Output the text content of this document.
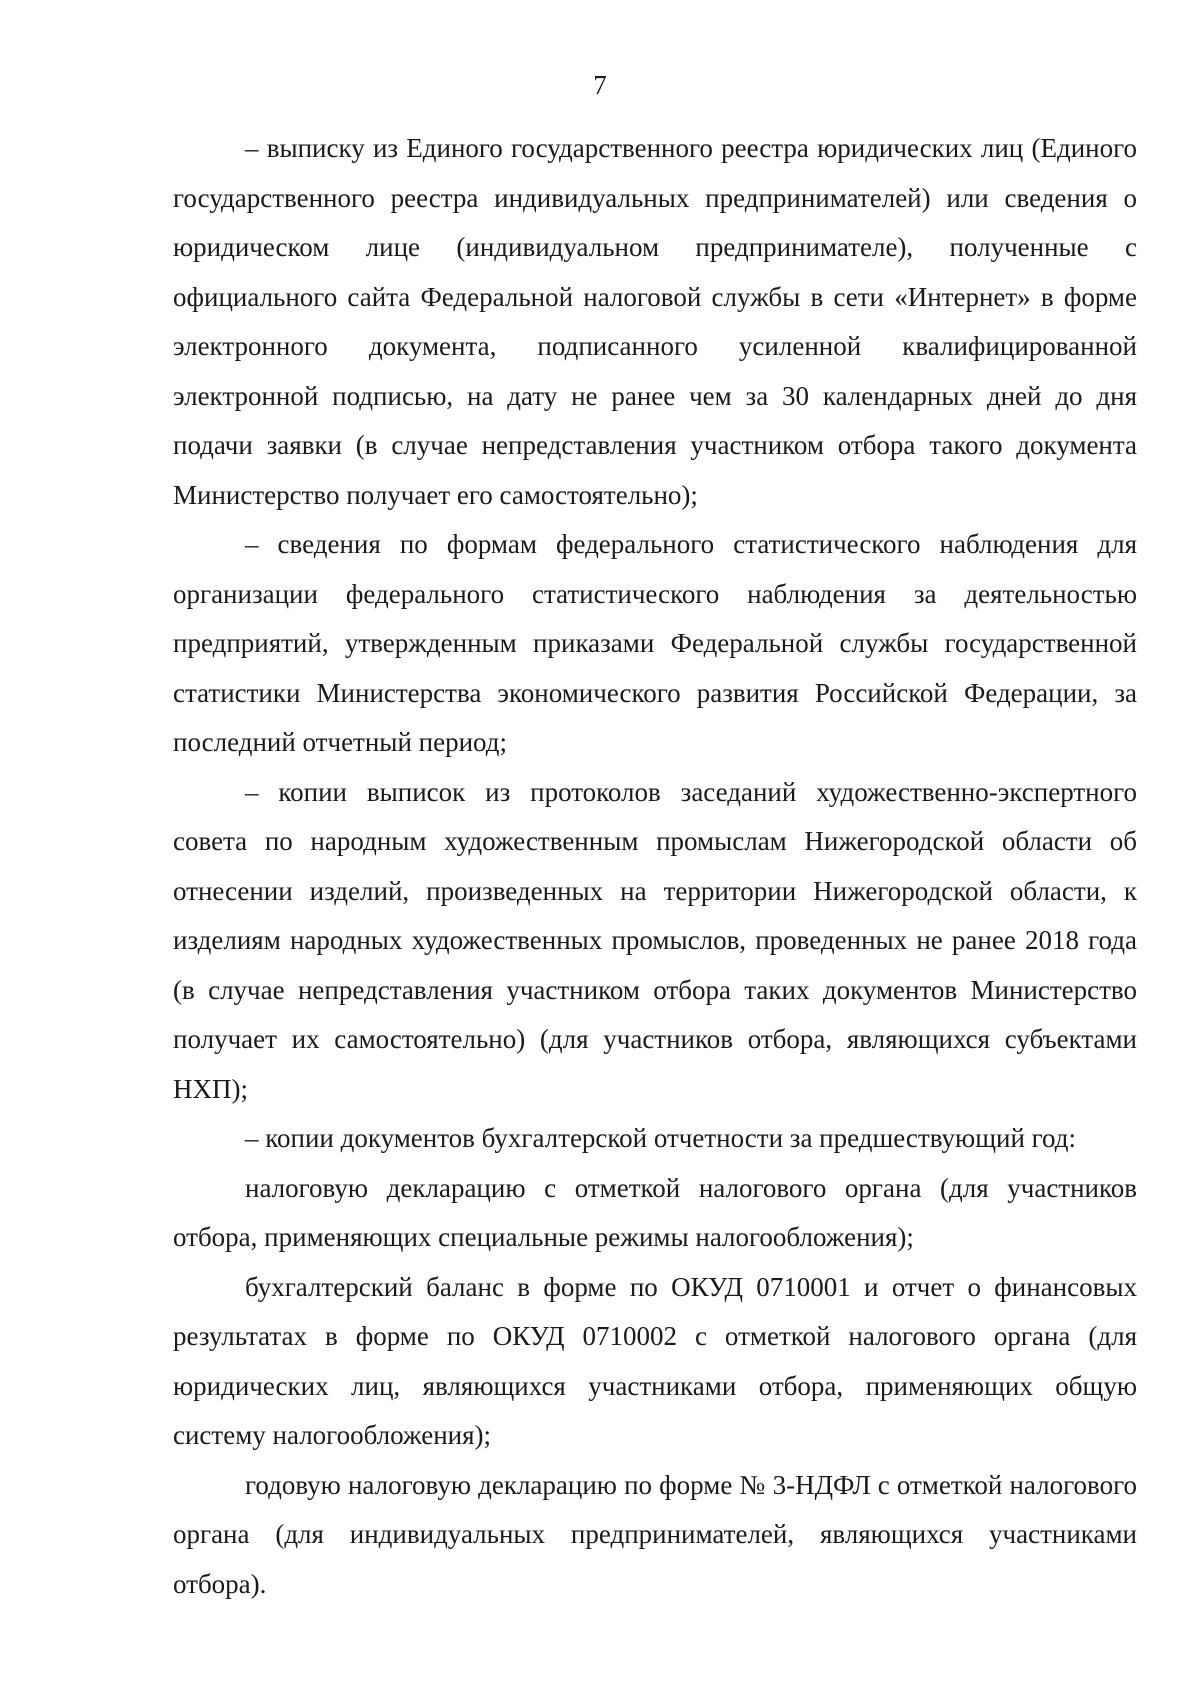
7

– выписку из Единого государственного реестра юридических лиц (Единого государственного реестра индивидуальных предпринимателей) или сведения о юридическом лице (индивидуальном предпринимателе), полученные с официального сайта Федеральной налоговой службы в сети «Интернет» в форме электронного документа, подписанного усиленной квалифицированной электронной подписью, на дату не ранее чем за 30 календарных дней до дня подачи заявки (в случае непредставления участником отбора такого документа Министерство получает его самостоятельно);

– сведения по формам федерального статистического наблюдения для организации федерального статистического наблюдения за деятельностью предприятий, утвержденным приказами Федеральной службы государственной статистики Министерства экономического развития Российской Федерации, за последний отчетный период;

– копии выписок из протоколов заседаний художественно-экспертного совета по народным художественным промыслам Нижегородской области об отнесении изделий, произведенных на территории Нижегородской области, к изделиям народных художественных промыслов, проведенных не ранее 2018 года (в случае непредставления участником отбора таких документов Министерство получает их самостоятельно) (для участников отбора, являющихся субъектами НХП);

– копии документов бухгалтерской отчетности за предшествующий год:

налоговую декларацию с отметкой налогового органа (для участников отбора, применяющих специальные режимы налогообложения);

бухгалтерский баланс в форме по ОКУД 0710001 и отчет о финансовых результатах в форме по ОКУД 0710002 с отметкой налогового органа (для юридических лиц, являющихся участниками отбора, применяющих общую систему налогообложения);

годовую налоговую декларацию по форме № 3-НДФЛ с отметкой налогового органа (для индивидуальных предпринимателей, являющихся участниками отбора).
